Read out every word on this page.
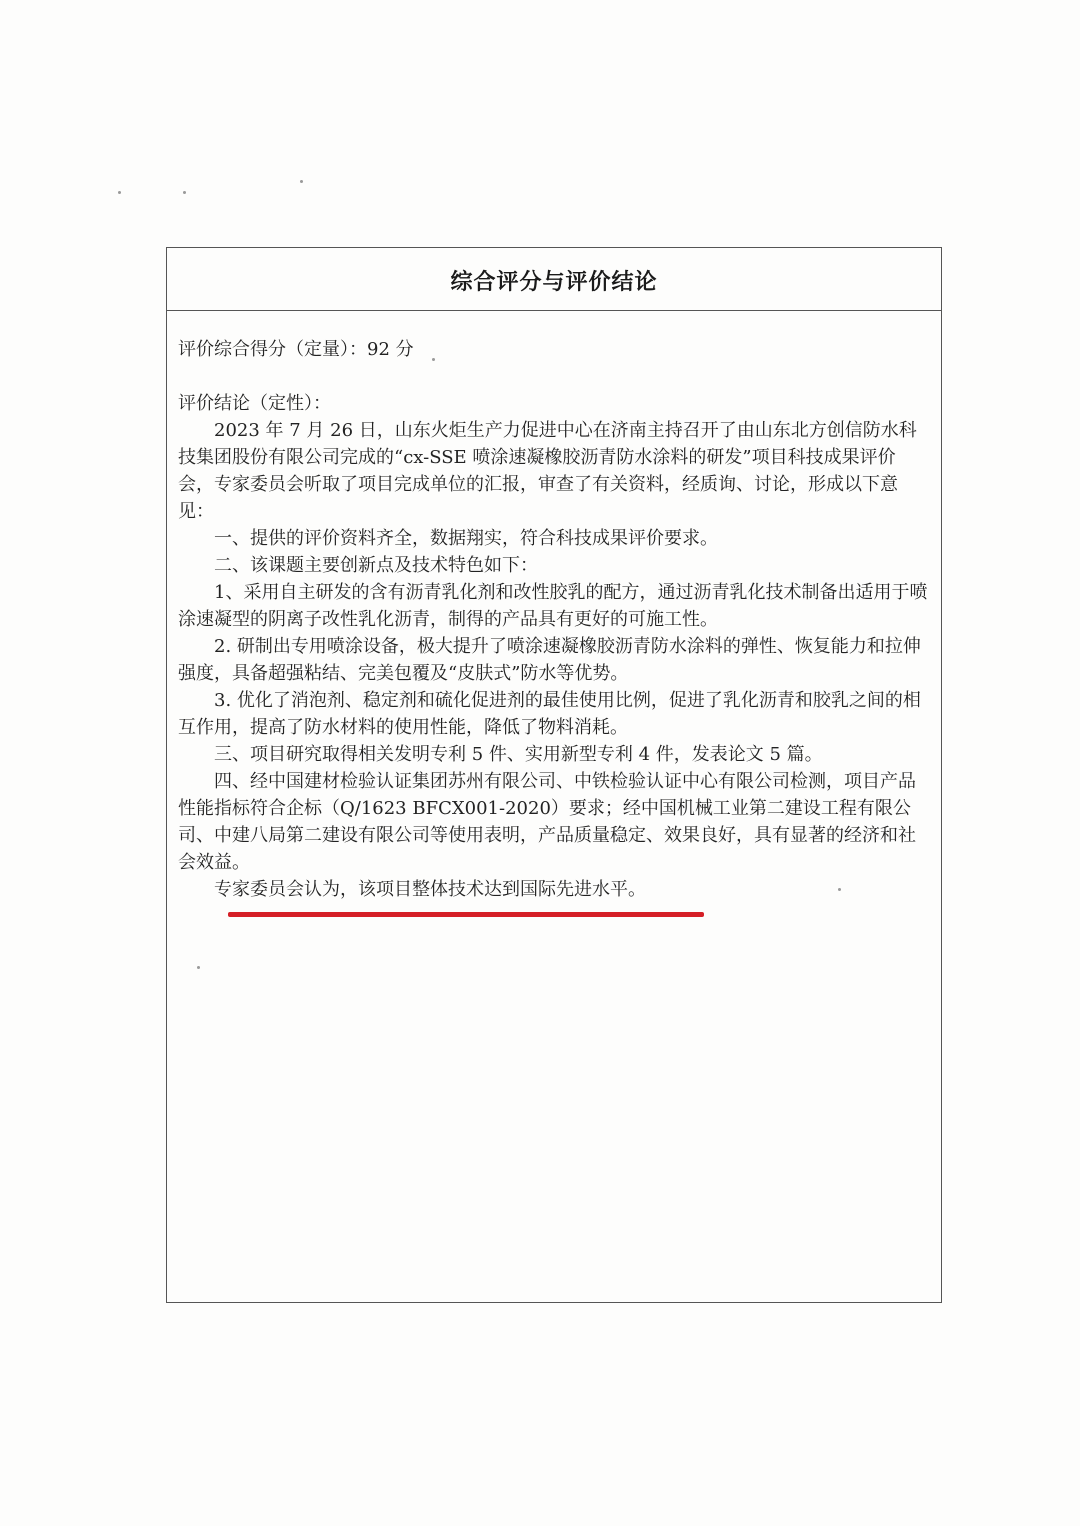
综合评分与评价结论

评价综合得分（定量）：92 分

评价结论（定性）：

2023 年 7 月 26 日，山东火炬生产力促进中心在济南主持召开了由山东北方创信防水科技集团股份有限公司完成的“cx-SSE 喷涂速凝橡胶沥青防水涂料的研发”项目科技成果评价会，专家委员会听取了项目完成单位的汇报，审查了有关资料，经质询、讨论，形成以下意见：

一、提供的评价资料齐全，数据翔实，符合科技成果评价要求。

二、该课题主要创新点及技术特色如下：

1、采用自主研发的含有沥青乳化剂和改性胶乳的配方，通过沥青乳化技术制备出适用于喷涂速凝型的阴离子改性乳化沥青，制得的产品具有更好的可施工性。

2. 研制出专用喷涂设备，极大提升了喷涂速凝橡胶沥青防水涂料的弹性、恢复能力和拉伸强度，具备超强粘结、完美包覆及“皮肤式”防水等优势。

3. 优化了消泡剂、稳定剂和硫化促进剂的最佳使用比例，促进了乳化沥青和胶乳之间的相互作用，提高了防水材料的使用性能，降低了物料消耗。

三、项目研究取得相关发明专利 5 件、实用新型专利 4 件，发表论文 5 篇。

四、经中国建材检验认证集团苏州有限公司、中铁检验认证中心有限公司检测，项目产品性能指标符合企标（Q/1623 BFCX001-2020）要求；经中国机械工业第二建设工程有限公司、中建八局第二建设有限公司等使用表明，产品质量稳定、效果良好，具有显著的经济和社会效益。

专家委员会认为，该项目整体技术达到国际先进水平。
